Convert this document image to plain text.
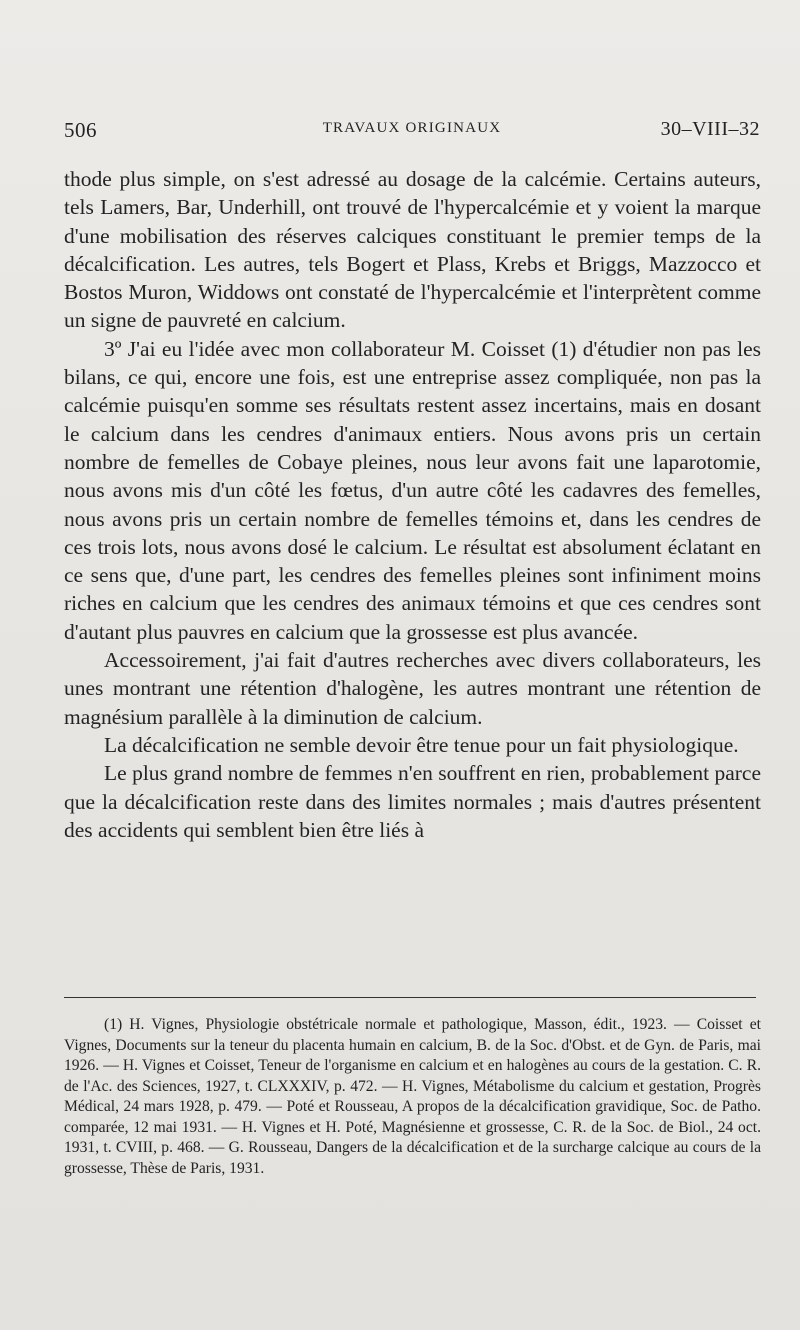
506	TRAVAUX ORIGINAUX	30–VIII–32

thode plus simple, on s'est adressé au dosage de la calcémie. Certains auteurs, tels Lamers, Bar, Underhill, ont trouvé de l'hypercalcémie et y voient la marque d'une mobilisation des réserves calciques constituant le premier temps de la décalcification. Les autres, tels Bogert et Plass, Krebs et Briggs, Mazzocco et Bostos Muron, Widdows ont constaté de l'hypercalcémie et l'interprètent comme un signe de pauvreté en calcium.

3º J'ai eu l'idée avec mon collaborateur M. Coisset (1) d'étudier non pas les bilans, ce qui, encore une fois, est une entreprise assez compliquée, non pas la calcémie puisqu'en somme ses résultats restent assez incertains, mais en dosant le calcium dans les cendres d'animaux entiers. Nous avons pris un certain nombre de femelles de Cobaye pleines, nous leur avons fait une laparotomie, nous avons mis d'un côté les fœtus, d'un autre côté les cadavres des femelles, nous avons pris un certain nombre de femelles témoins et, dans les cendres de ces trois lots, nous avons dosé le calcium. Le résultat est absolument éclatant en ce sens que, d'une part, les cendres des femelles pleines sont infiniment moins riches en calcium que les cendres des animaux témoins et que ces cendres sont d'autant plus pauvres en calcium que la grossesse est plus avancée.

Accessoirement, j'ai fait d'autres recherches avec divers collaborateurs, les unes montrant une rétention d'halogène, les autres montrant une rétention de magnésium parallèle à la diminution de calcium.

La décalcification ne semble devoir être tenue pour un fait physiologique.

Le plus grand nombre de femmes n'en souffrent en rien, probablement parce que la décalcification reste dans des limites normales ; mais d'autres présentent des accidents qui semblent bien être liés à

(1) H. Vignes, Physiologie obstétricale normale et pathologique, Masson, édit., 1923. — Coisset et Vignes, Documents sur la teneur du placenta humain en calcium, B. de la Soc. d'Obst. et de Gyn. de Paris, mai 1926. — H. Vignes et Coisset, Teneur de l'organisme en calcium et en halogènes au cours de la gestation. C. R. de l'Ac. des Sciences, 1927, t. CLXXXIV, p. 472. — H. Vignes, Métabolisme du calcium et gestation, Progrès Médical, 24 mars 1928, p. 479. — Poté et Rousseau, A propos de la décalcification gravidique, Soc. de Patho. comparée, 12 mai 1931. — H. Vignes et H. Poté, Magnésienne et grossesse, C. R. de la Soc. de Biol., 24 oct. 1931, t. CVIII, p. 468. — G. Rousseau, Dangers de la décalcification et de la surcharge calcique au cours de la grossesse, Thèse de Paris, 1931.
